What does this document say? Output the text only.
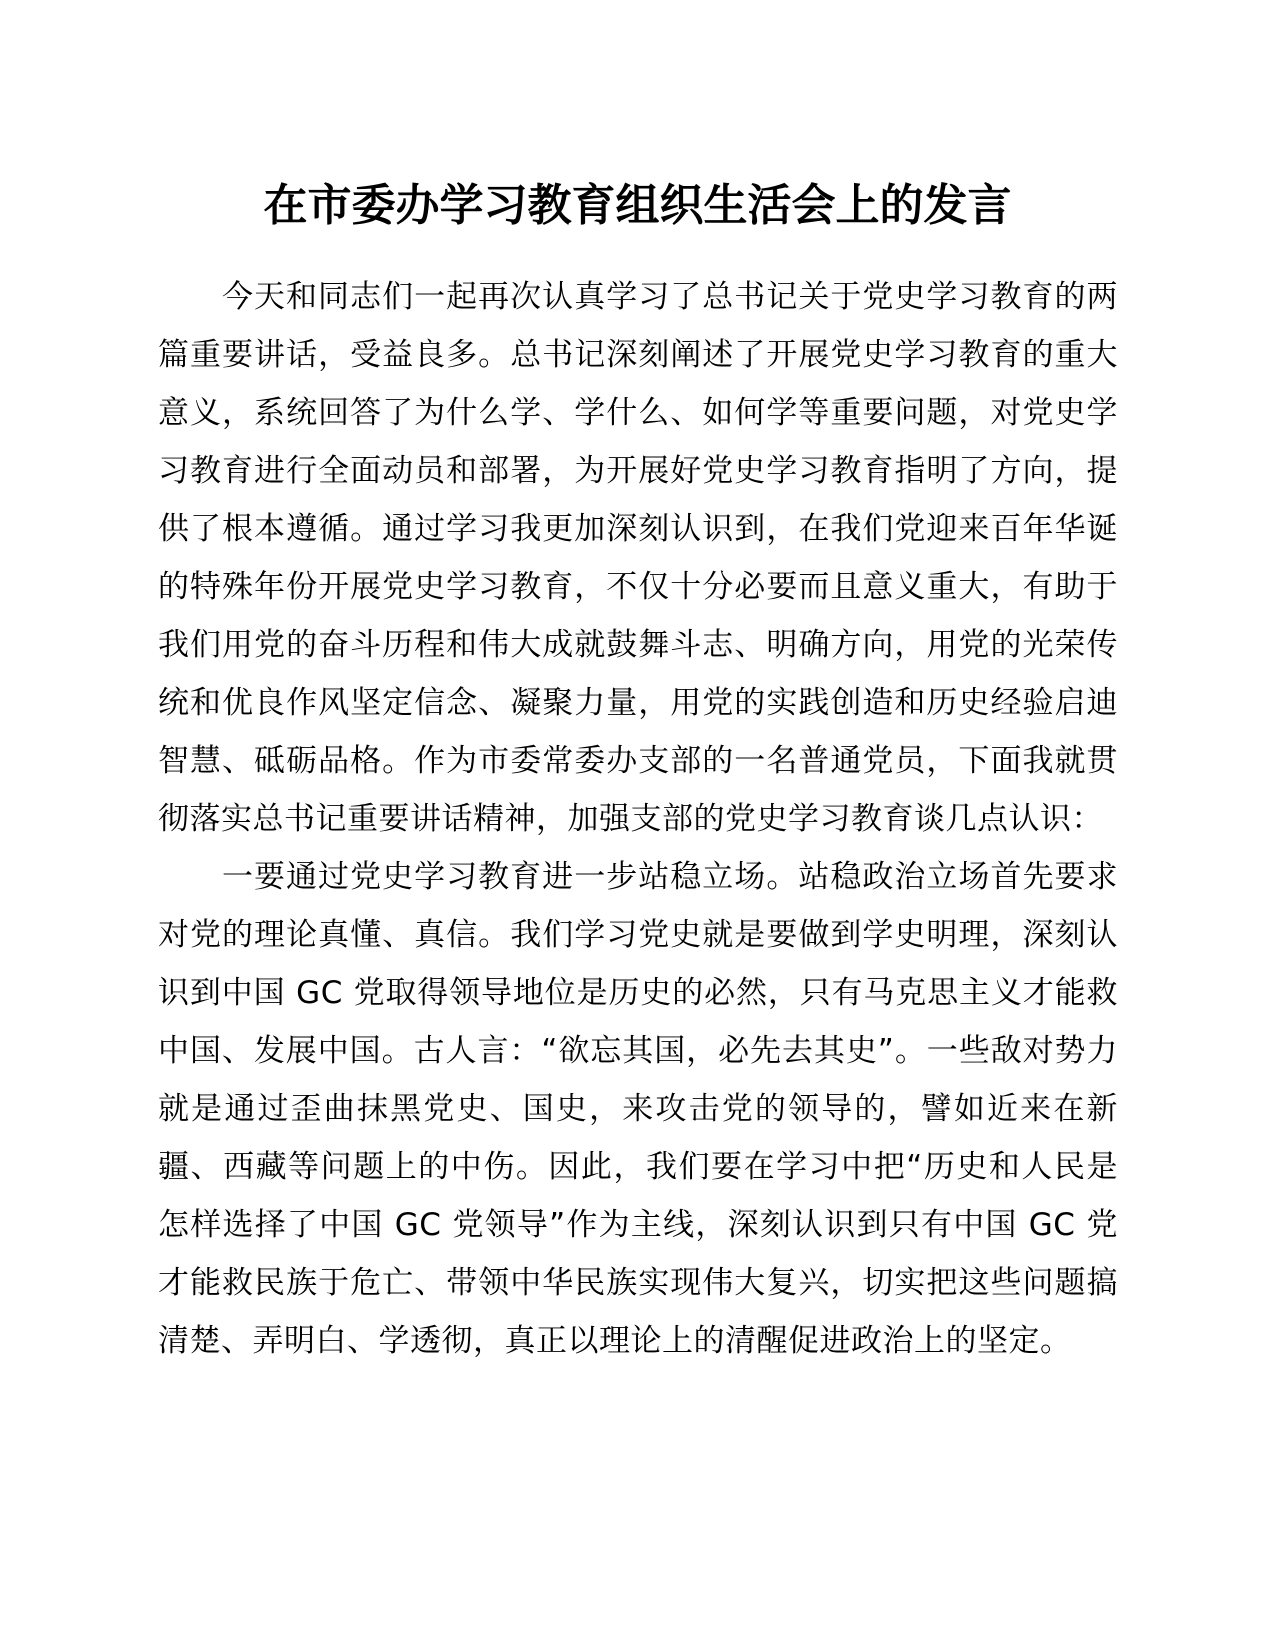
在市委办学习教育组织生活会上的发言

今天和同志们一起再次认真学习了总书记关于党史学习教育的两篇重要讲话，受益良多。总书记深刻阐述了开展党史学习教育的重大意义，系统回答了为什么学、学什么、如何学等重要问题，对党史学习教育进行全面动员和部署，为开展好党史学习教育指明了方向，提供了根本遵循。通过学习我更加深刻认识到，在我们党迎来百年华诞的特殊年份开展党史学习教育，不仅十分必要而且意义重大，有助于我们用党的奋斗历程和伟大成就鼓舞斗志、明确方向，用党的光荣传统和优良作风坚定信念、凝聚力量，用党的实践创造和历史经验启迪智慧、砥砺品格。作为市委常委办支部的一名普通党员，下面我就贯彻落实总书记重要讲话精神，加强支部的党史学习教育谈几点认识：

一要通过党史学习教育进一步站稳立场。站稳政治立场首先要求对党的理论真懂、真信。我们学习党史就是要做到学史明理，深刻认识到中国 GC 党取得领导地位是历史的必然，只有马克思主义才能救中国、发展中国。古人言：“欲忘其国，必先去其史”。一些敌对势力就是通过歪曲抹黑党史、国史，来攻击党的领导的，譬如近来在新疆、西藏等问题上的中伤。因此，我们要在学习中把“历史和人民是怎样选择了中国 GC 党领导”作为主线，深刻认识到只有中国 GC 党才能救民族于危亡、带领中华民族实现伟大复兴，切实把这些问题搞清楚、弄明白、学透彻，真正以理论上的清醒促进政治上的坚定。
